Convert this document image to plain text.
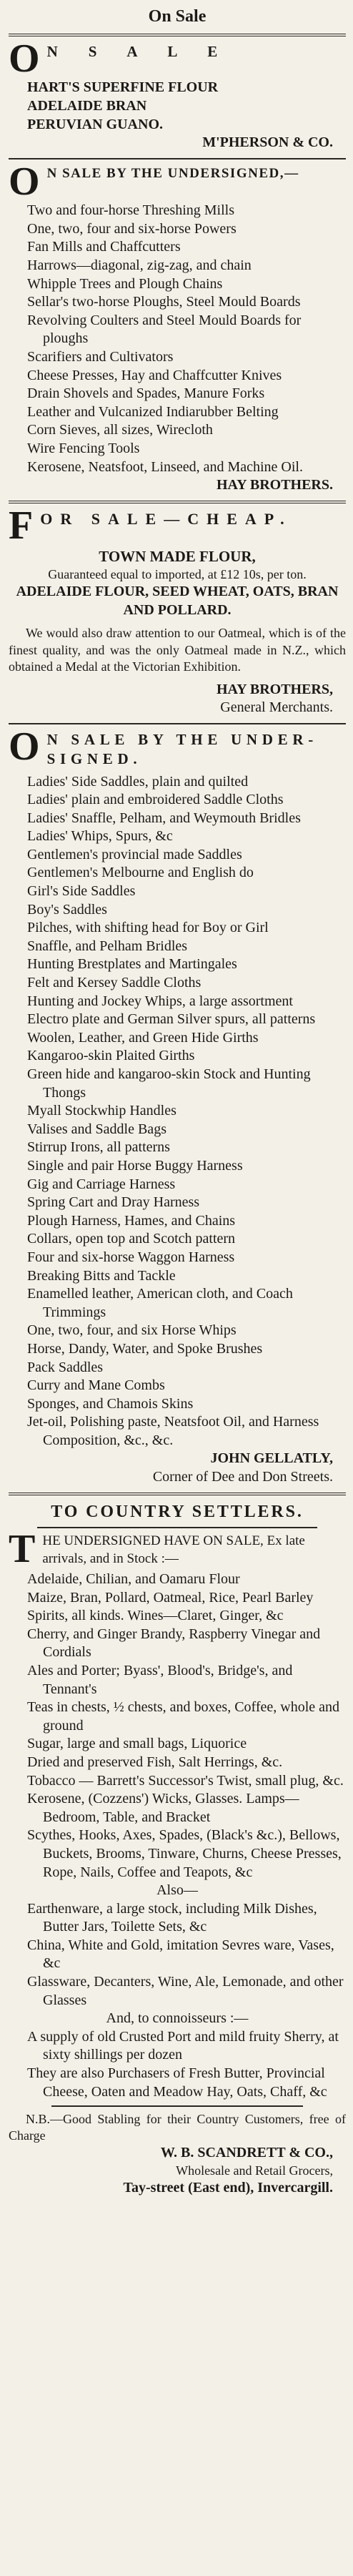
On Sale
O N S A L E
HART'S SUPERFINE FLOUR
ADELAIDE BRAN
PERUVIAN GUANO.
M'PHERSON & CO.
O N SALE BY THE UNDERSIGNED,—
Two and four-horse Threshing Mills
One, two, four and six-horse Powers
Fan Mills and Chaffcutters
Harrows—diagonal, zig-zag, and chain
Whipple Trees and Plough Chains
Sellar's two-horse Ploughs, Steel Mould Boards
Revolving Coulters and Steel Mould Boards for ploughs
Scarifiers and Cultivators
Cheese Presses, Hay and Chaffcutter Knives
Drain Shovels and Spades, Manure Forks
Leather and Vulcanized Indiarubber Belting
Corn Sieves, all sizes, Wirecloth
Wire Fencing Tools
Kerosene, Neatsfoot, Linseed, and Machine Oil.
HAY BROTHERS.
F OR SALE—CHEAP.
TOWN MADE FLOUR,
Guaranteed equal to imported, at £12 10s, per ton.
ADELAIDE FLOUR, SEED WHEAT, OATS, BRAN AND POLLARD.
We would also draw attention to our Oatmeal, which is of the finest quality, and was the only Oatmeal made in N.Z., which obtained a Medal at the Victorian Exhibition.
HAY BROTHERS,
General Merchants.
O N SALE BY THE UNDER-SIGNED.
Ladies' Side Saddles, plain and quilted
Ladies' plain and embroidered Saddle Cloths
Ladies' Snaffle, Pelham, and Weymouth Bridles
Ladies' Whips, Spurs, &c
Gentlemen's provincial made Saddles
Gentlemen's Melbourne and English do
Girl's Side Saddles
Boy's Saddles
Pilches, with shifting head for Boy or Girl
Snaffle, and Pelham Bridles
Hunting Brestplates and Martingales
Felt and Kersey Saddle Cloths
Hunting and Jockey Whips, a large assortment
Electro plate and German Silver spurs, all patterns
Woolen, Leather, and Green Hide Girths
Kangaroo-skin Plaited Girths
Green hide and kangaroo-skin Stock and Hunting Thongs
Myall Stockwhip Handles
Valises and Saddle Bags
Stirrup Irons, all patterns
Single and pair Horse Buggy Harness
Gig and Carriage Harness
Spring Cart and Dray Harness
Plough Harness, Hames, and Chains
Collars, open top and Scotch pattern
Four and six-horse Waggon Harness
Breaking Bitts and Tackle
Enamelled leather, American cloth, and Coach Trimmings
One, two, four, and six Horse Whips
Horse, Dandy, Water, and Spoke Brushes
Pack Saddles
Curry and Mane Combs
Sponges, and Chamois Skins
Jet-oil, Polishing paste, Neatsfoot Oil, and Harness Composition, &c., &c.
JOHN GELLATLY,
Corner of Dee and Don Streets.
TO COUNTRY SETTLERS.
T HE UNDERSIGNED HAVE ON SALE, Ex late arrivals, and in Stock :—
Adelaide, Chilian, and Oamaru Flour
Maize, Bran, Pollard, Oatmeal, Rice, Pearl Barley
Spirits, all kinds. Wines—Claret, Ginger, &c
Cherry, and Ginger Brandy, Raspberry Vinegar and Cordials
Ales and Porter; Byass', Blood's, Bridge's, and Tennant's
Teas in chests, ½ chests, and boxes, Coffee, whole and ground
Sugar, large and small bags, Liquorice
Dried and preserved Fish, Salt Herrings, &c.
Tobacco — Barrett's Successor's Twist, small plug, &c.
Kerosene, (Cozzens') Wicks, Glasses. Lamps—Bedroom, Table, and Bracket
Scythes, Hooks, Axes, Spades, (Black's &c.), Bellows, Buckets, Brooms, Tinware, Churns, Cheese Presses, Rope, Nails, Coffee and Teapots, &c
Also—
Earthenware, a large stock, including Milk Dishes, Butter Jars, Toilette Sets, &c
China, White and Gold, imitation Sevres ware, Vases, &c
Glassware, Decanters, Wine, Ale, Lemonade, and other Glasses
And, to connoisseurs :—
A supply of old Crusted Port and mild fruity Sherry, at sixty shillings per dozen
They are also Purchasers of Fresh Butter, Provincial Cheese, Oaten and Meadow Hay, Oats, Chaff, &c
N.B.—Good Stabling for their Country Customers, free of Charge
W. B. SCANDRETT & CO.,
Wholesale and Retail Grocers,
Tay-street (East end), Invercargill.
